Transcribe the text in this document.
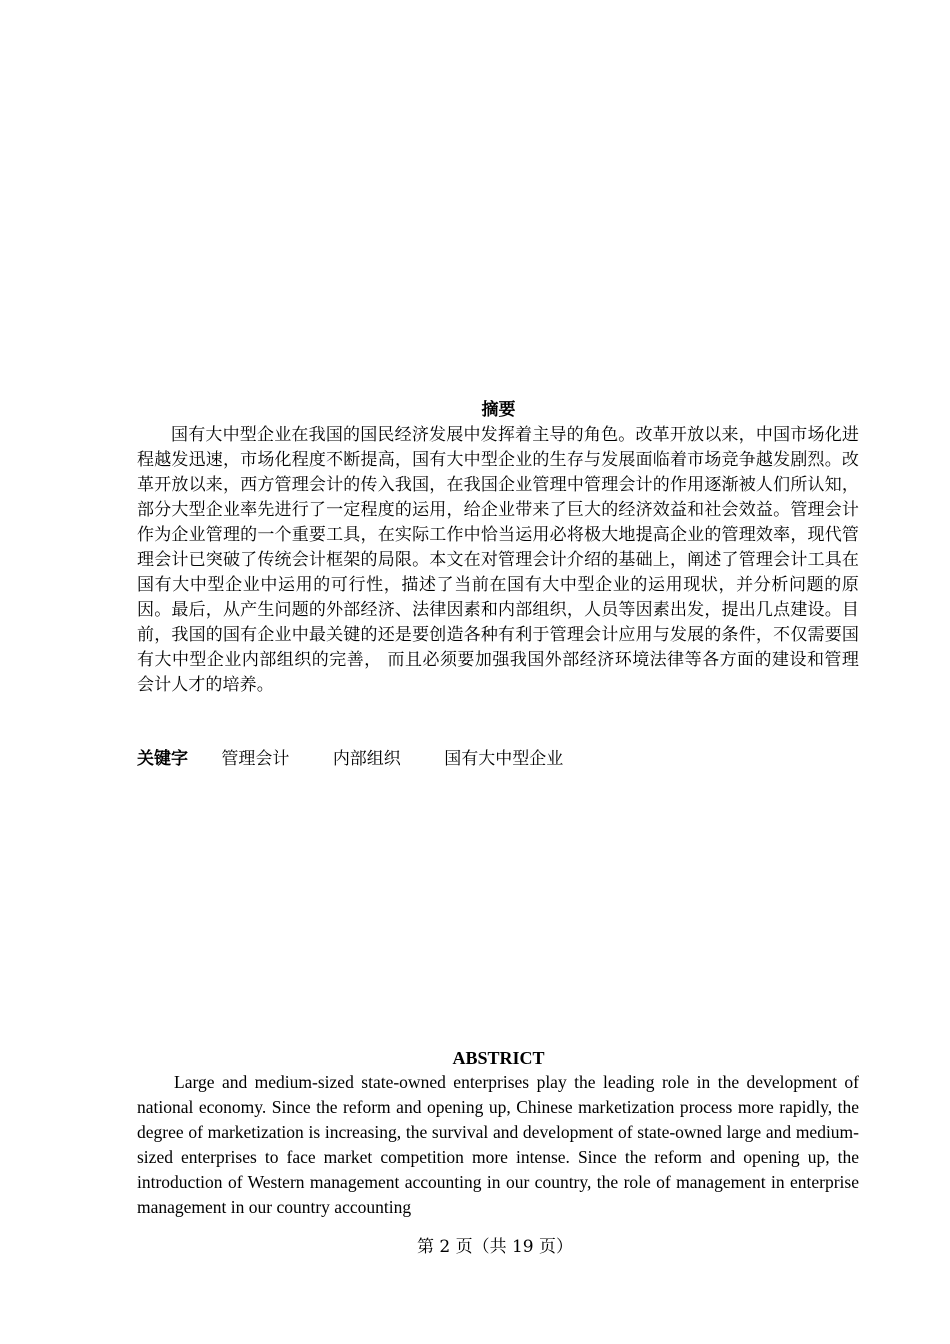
摘要

国有大中型企业在我国的国民经济发展中发挥着主导的角色。改革开放以来，中国市场化进程越发迅速，市场化程度不断提高，国有大中型企业的生存与发展面临着市场竞争越发剧烈。改革开放以来，西方管理会计的传入我国，在我国企业管理中管理会计的作用逐渐被人们所认知，部分大型企业率先进行了一定程度的运用，给企业带来了巨大的经济效益和社会效益。管理会计作为企业管理的一个重要工具，在实际工作中恰当运用必将极大地提高企业的管理效率，现代管理会计已突破了传统会计框架的局限。本文在对管理会计介绍的基础上，阐述了管理会计工具在国有大中型企业中运用的可行性，描述了当前在国有大中型企业的运用现状，并分析问题的原因。最后，从产生问题的外部经济、法律因素和内部组织，人员等因素出发，提出几点建设。目前，我国的国有企业中最关键的还是要创造各种有利于管理会计应用与发展的条件，不仅需要国有大中型企业内部组织的完善， 而且必须要加强我国外部经济环境法律等各方面的建设和管理会计人才的培养。

关键字 管理会计	内部组织	国有大中型企业
ABSTRICT

Large and medium-sized state-owned enterprises play the leading role in the development of national economy. Since the reform and opening up, Chinese marketization process more rapidly, the degree of marketization is increasing, the survival and development of state-owned large and medium-sized enterprises to face market competition more intense. Since the reform and opening up, the introduction of Western management accounting in our country, the role of management in enterprise management in our country accounting

第 2 页（共 19 页）
